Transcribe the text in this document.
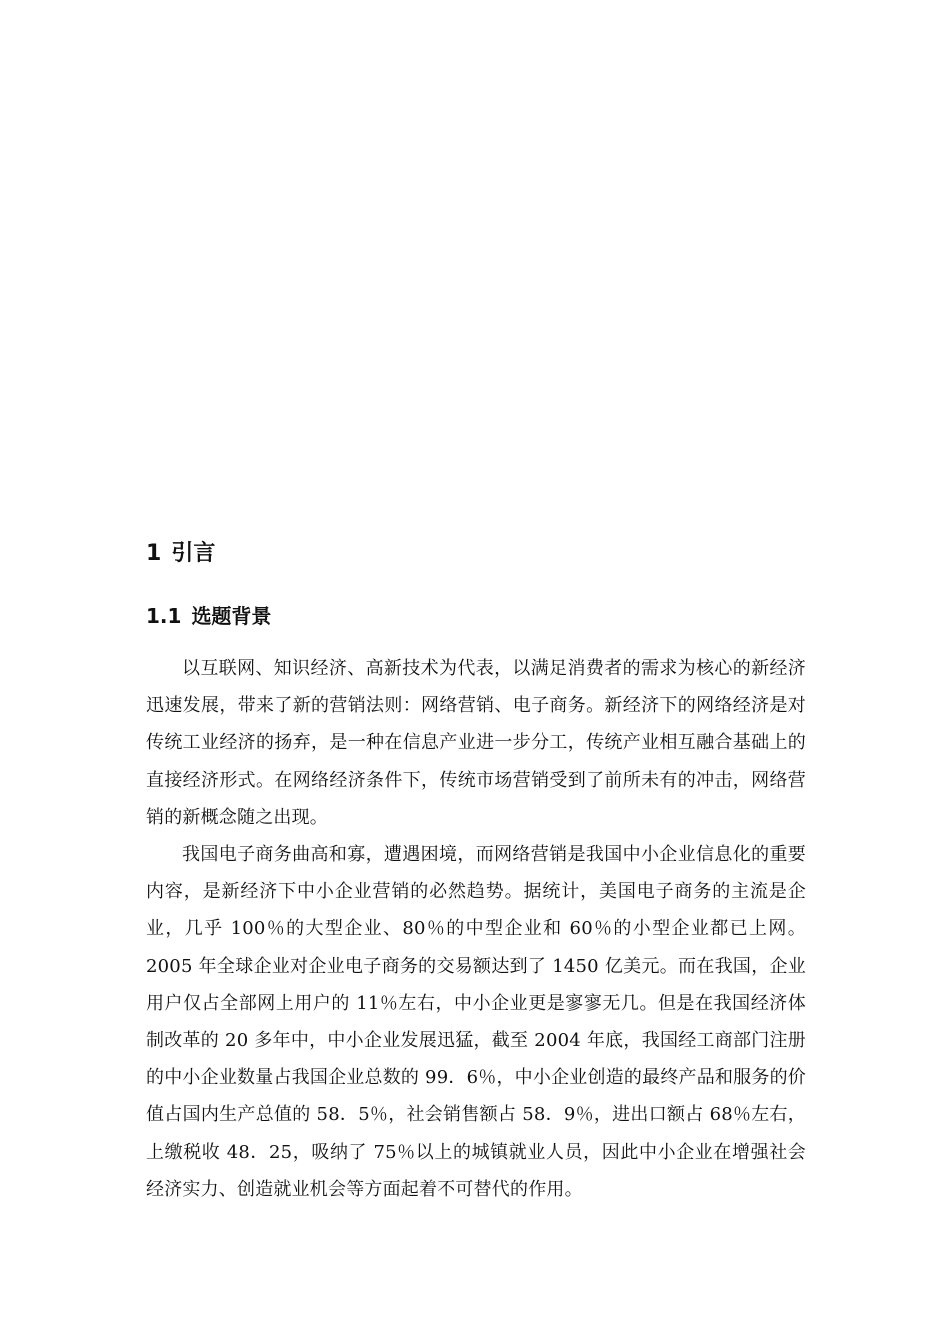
1 引言
1.1 选题背景

以互联网、知识经济、高新技术为代表，以满足消费者的需求为核心的新经济迅速发展，带来了新的营销法则：网络营销、电子商务。新经济下的网络经济是对传统工业经济的扬弃，是一种在信息产业进一步分工，传统产业相互融合基础上的直接经济形式。在网络经济条件下，传统市场营销受到了前所未有的冲击，网络营销的新概念随之出现。

我国电子商务曲高和寡，遭遇困境，而网络营销是我国中小企业信息化的重要内容，是新经济下中小企业营销的必然趋势。据统计，美国电子商务的主流是企业，几乎 100％的大型企业、80％的中型企业和 60％的小型企业都已上网。2005 年全球企业对企业电子商务的交易额达到了 1450 亿美元。而在我国，企业用户仅占全部网上用户的 11％左右，中小企业更是寥寥无几。但是在我国经济体制改革的 20 多年中，中小企业发展迅猛，截至 2004 年底，我国经工商部门注册的中小企业数量占我国企业总数的 99．6％，中小企业创造的最终产品和服务的价值占国内生产总值的 58．5％，社会销售额占 58．9％，进出口额占 68％左右，上缴税收 48．25，吸纳了 75％以上的城镇就业人员，因此中小企业在增强社会经济实力、创造就业机会等方面起着不可替代的作用。
